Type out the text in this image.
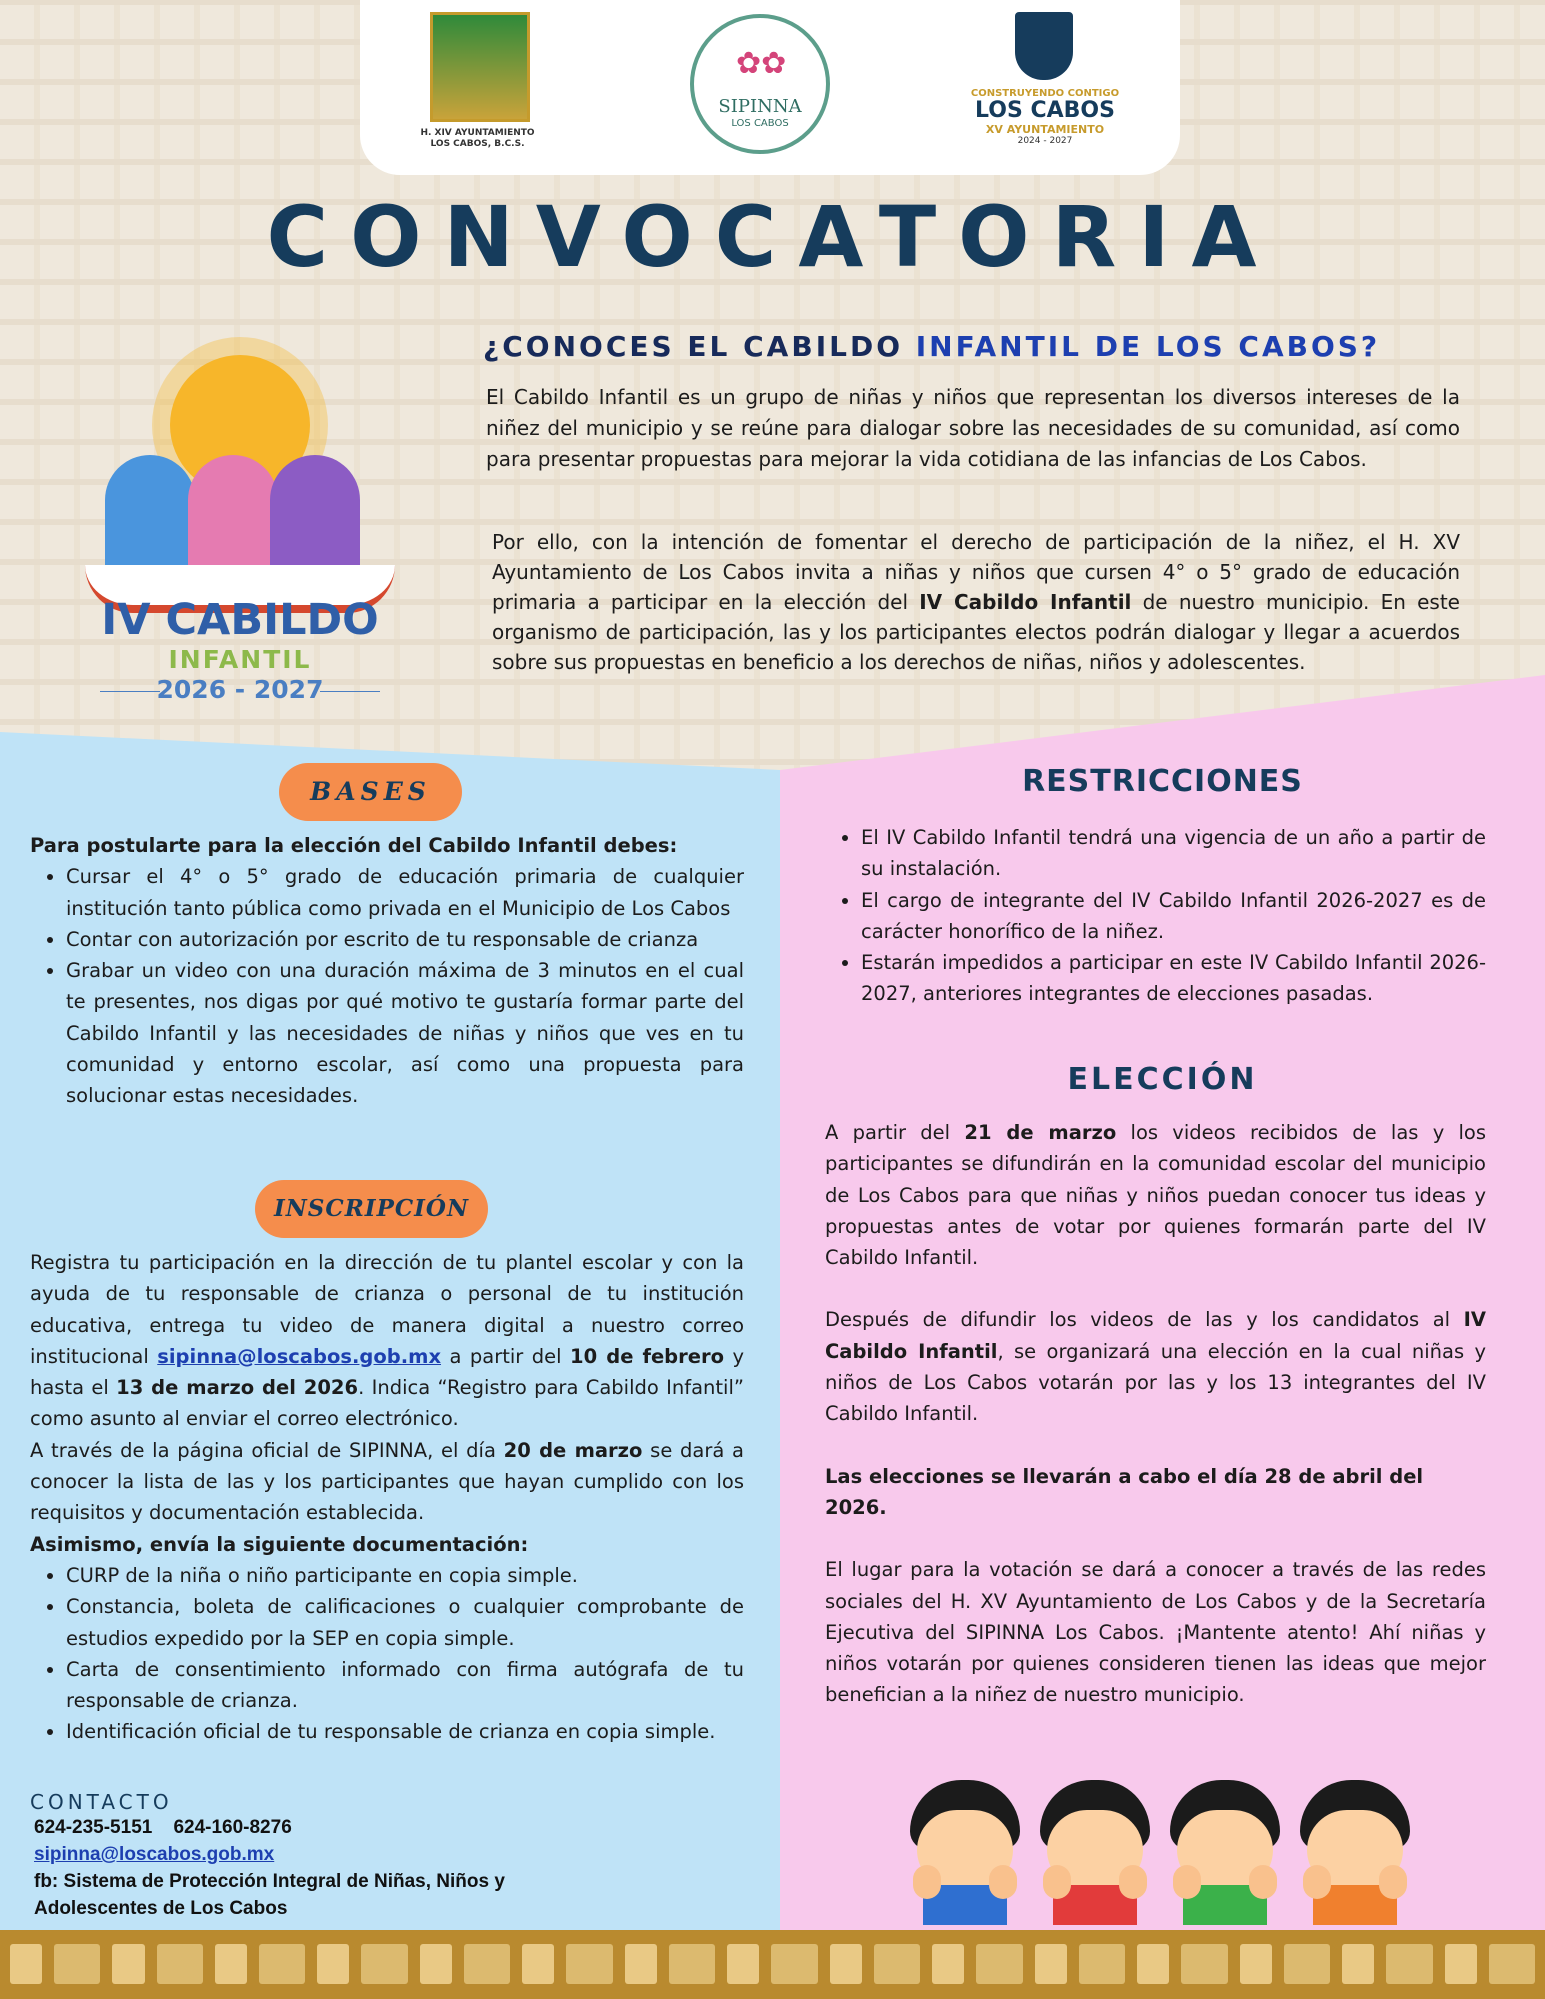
H. XIV AYUNTAMIENTO LOS CABOS, B.C.S.
✿✿
SIPINNA
LOS CABOS
CONSTRUYENDO CONTIGO
LOS CABOS
XV AYUNTAMIENTO
2024 - 2027
CONVOCATORIA
IV CABILDO
INFANTIL
2026 - 2027
¿CONOCES EL CABILDO INFANTIL DE LOS CABOS?
El Cabildo Infantil es un grupo de niñas y niños que representan los diversos intereses de la niñez del municipio y se reúne para dialogar sobre las necesidades de su comunidad, así como para presentar propuestas para mejorar la vida cotidiana de las infancias de Los Cabos.
Por ello, con la intención de fomentar el derecho de participación de la niñez, el H. XV Ayuntamiento de Los Cabos invita a niñas y niños que cursen 4° o 5° grado de educación primaria a participar en la elección del IV Cabildo Infantil de nuestro municipio. En este organismo de participación, las y los participantes electos podrán dialogar y llegar a acuerdos sobre sus propuestas en beneficio a los derechos de niñas, niños y adolescentes.
BASES
Para postularte para la elección del Cabildo Infantil debes:
• Cursar el 4° o 5° grado de educación primaria de cualquier institución tanto pública como privada en el Municipio de Los Cabos
• Contar con autorización por escrito de tu responsable de crianza
• Grabar un video con una duración máxima de 3 minutos en el cual te presentes, nos digas por qué motivo te gustaría formar parte del Cabildo Infantil y las necesidades de niñas y niños que ves en tu comunidad y entorno escolar, así como una propuesta para solucionar estas necesidades.
INSCRIPCIÓN
Registra tu participación en la dirección de tu plantel escolar y con la ayuda de tu responsable de crianza o personal de tu institución educativa, entrega tu video de manera digital a nuestro correo institucional sipinna@loscabos.gob.mx a partir del 10 de febrero y hasta el 13 de marzo del 2026. Indica “Registro para Cabildo Infantil” como asunto al enviar el correo electrónico.
A través de la página oficial de SIPINNA, el día 20 de marzo se dará a conocer la lista de las y los participantes que hayan cumplido con los requisitos y documentación establecida.
Asimismo, envía la siguiente documentación:
• CURP de la niña o niño participante en copia simple.
• Constancia, boleta de calificaciones o cualquier comprobante de estudios expedido por la SEP en copia simple.
• Carta de consentimiento informado con firma autógrafa de tu responsable de crianza.
• Identificación oficial de tu responsable de crianza en copia simple.
CONTACTO
624-235-5151    624-160-8276
sipinna@loscabos.gob.mx
fb: Sistema de Protección Integral de Niñas, Niños y
Adolescentes de Los Cabos
RESTRICCIONES
• El IV Cabildo Infantil tendrá una vigencia de un año a partir de su instalación.
• El cargo de integrante del IV Cabildo Infantil 2026-2027 es de carácter honorífico de la niñez.
• Estarán impedidos a participar en este IV Cabildo Infantil 2026-2027, anteriores integrantes de elecciones pasadas.
ELECCIÓN
A partir del 21 de marzo los videos recibidos de las y los participantes se difundirán en la comunidad escolar del municipio de Los Cabos para que niñas y niños puedan conocer tus ideas y propuestas antes de votar por quienes formarán parte del IV Cabildo Infantil.
Después de difundir los videos de las y los candidatos al IV Cabildo Infantil, se organizará una elección en la cual niñas y niños de Los Cabos votarán por las y los 13 integrantes del IV Cabildo Infantil.
Las elecciones se llevarán a cabo el día 28 de abril del 2026.
El lugar para la votación se dará a conocer a través de las redes sociales del H. XV Ayuntamiento de Los Cabos y de la Secretaría Ejecutiva del SIPINNA Los Cabos. ¡Mantente atento! Ahí niñas y niños votarán por quienes consideren tienen las ideas que mejor benefician a la niñez de nuestro municipio.
